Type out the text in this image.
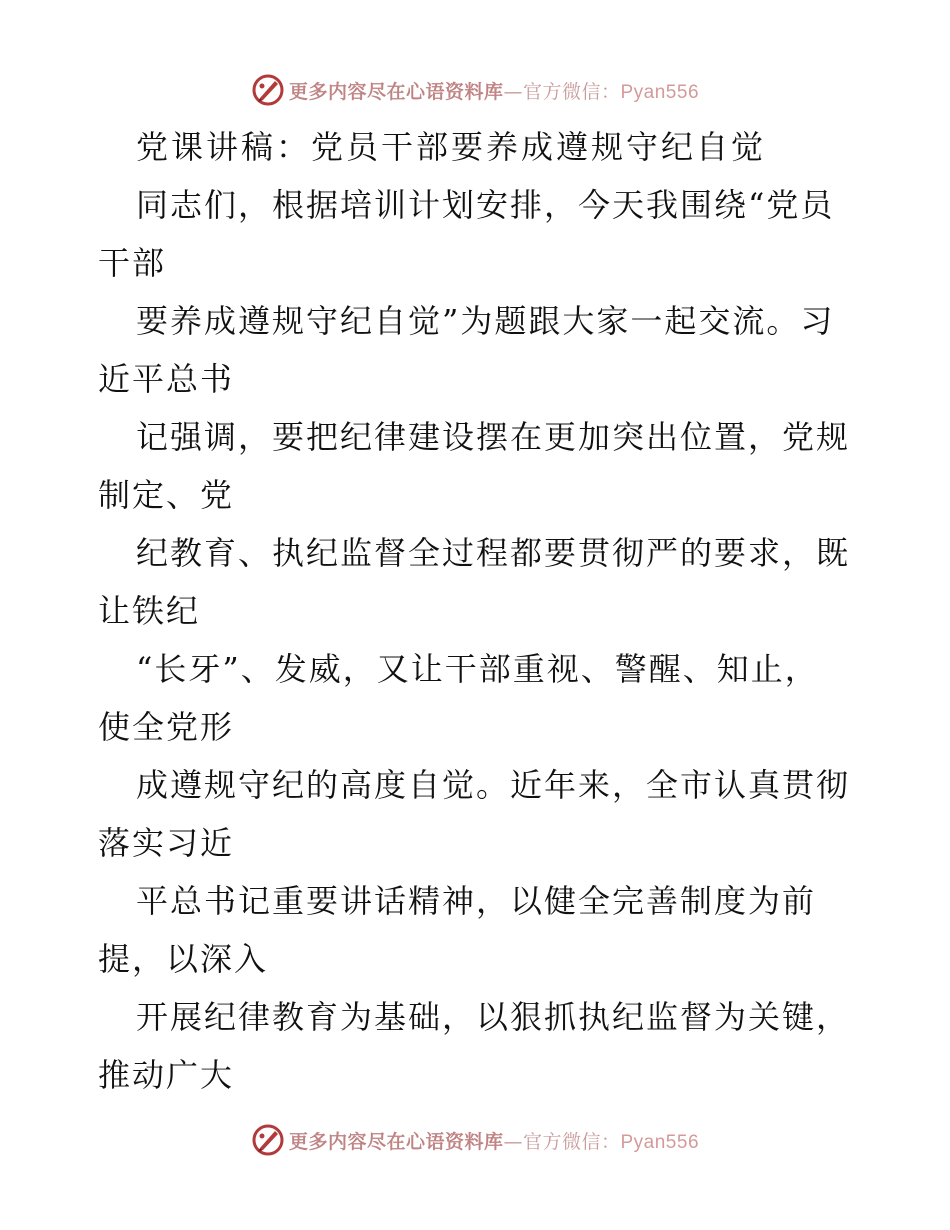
更多内容尽在心语资料库—官方微信：Pyan556
党课讲稿：党员干部要养成遵规守纪自觉
同志们，根据培训计划安排，今天我围绕“党员
干部
要养成遵规守纪自觉”为题跟大家一起交流。习
近平总书
记强调，要把纪律建设摆在更加突出位置，党规
制定、党
纪教育、执纪监督全过程都要贯彻严的要求，既
让铁纪
“长牙”、发威，又让干部重视、警醒、知止，
使全党形
成遵规守纪的高度自觉。近年来，全市认真贯彻
落实习近
平总书记重要讲话精神，以健全完善制度为前
提，以深入
开展纪律教育为基础，以狠抓执纪监督为关键，
推动广大
更多内容尽在心语资料库—官方微信：Pyan556
